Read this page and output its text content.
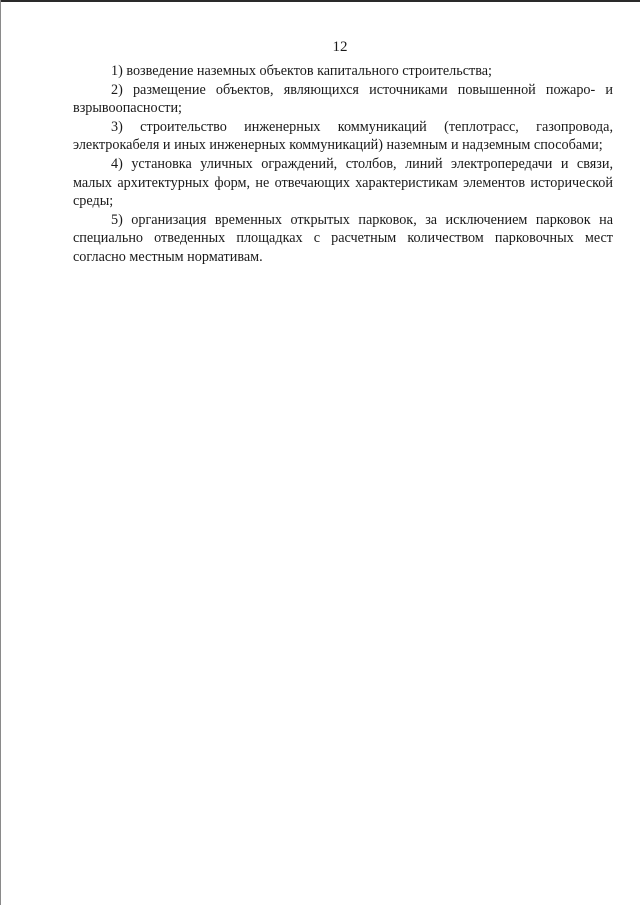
12

1) возведение наземных объектов капитального строительства;

2) размещение объектов, являющихся источниками повышенной пожаро- и взрывоопасности;

3) строительство инженерных коммуникаций (теплотрасс, газопровода, электрокабеля и иных инженерных коммуникаций) наземным и надземным способами;

4) установка уличных ограждений, столбов, линий электропередачи и связи, малых архитектурных форм, не отвечающих характеристикам элементов исторической среды;

5) организация временных открытых парковок, за исключением парковок на специально отведенных площадках с расчетным количеством парковочных мест согласно местным нормативам.
